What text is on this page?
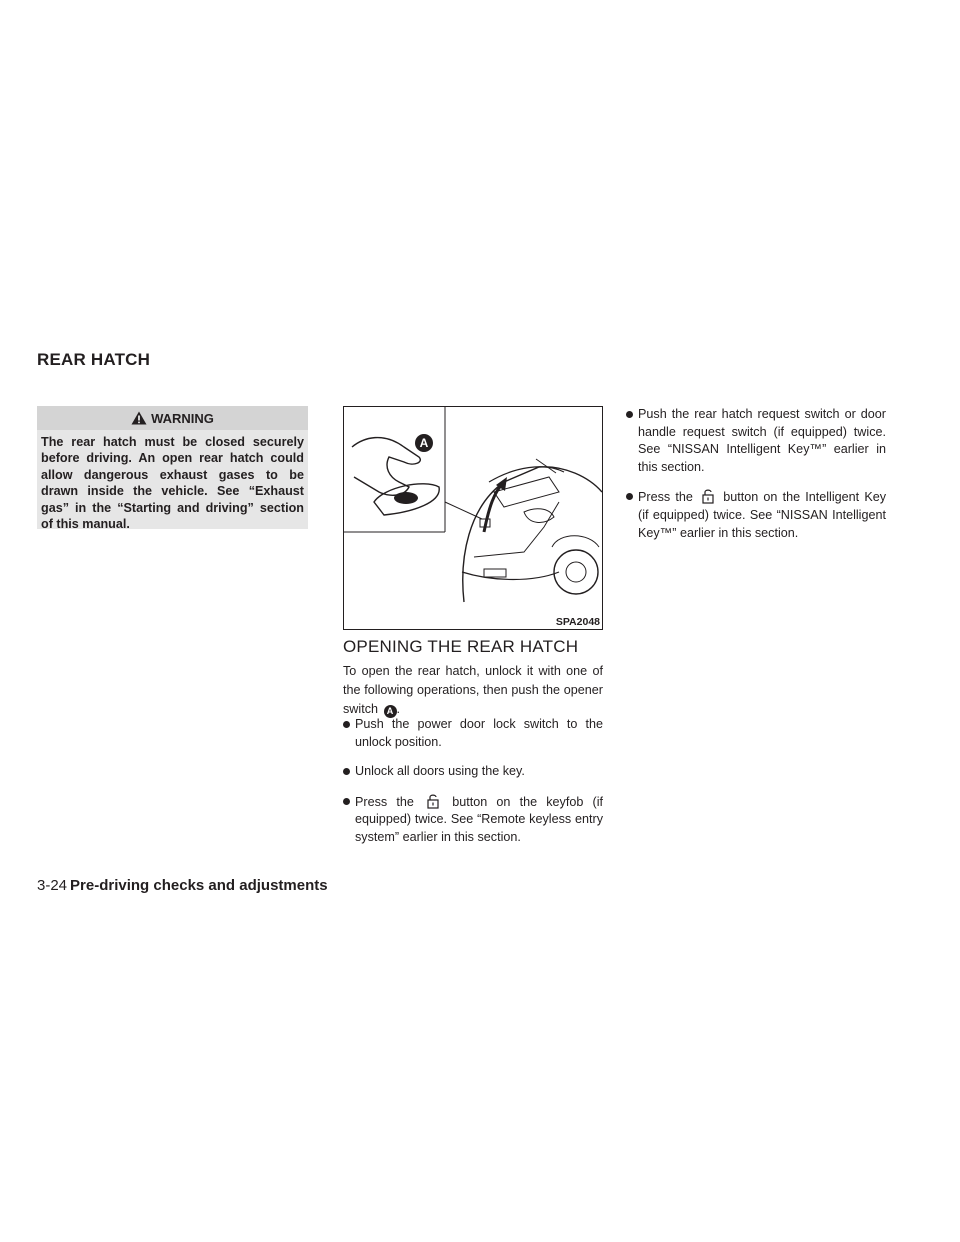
REAR HATCH
WARNING
The rear hatch must be closed securely before driving. An open rear hatch could allow dangerous exhaust gases to be drawn inside the vehicle. See “Exhaust gas” in the “Starting and driving” section of this manual.
A
SPA2048
OPENING THE REAR HATCH

To open the rear hatch, unlock it with one of the following operations, then push the opener switch A .

Push the power door lock switch to the unlock position.
Unlock all doors using the key.
Press the	button on the keyfob (if equipped) twice. See “Remote keyless entry system” earlier in this section.
Push the rear hatch request switch or door handle request switch (if equipped) twice. See “NISSAN Intelligent Key™” earlier in this section.
Press the button on the Intelligent Key (if equipped) twice. See “NISSAN Intelligent Key™” earlier in this section.

3-24 Pre-driving checks and adjustments
